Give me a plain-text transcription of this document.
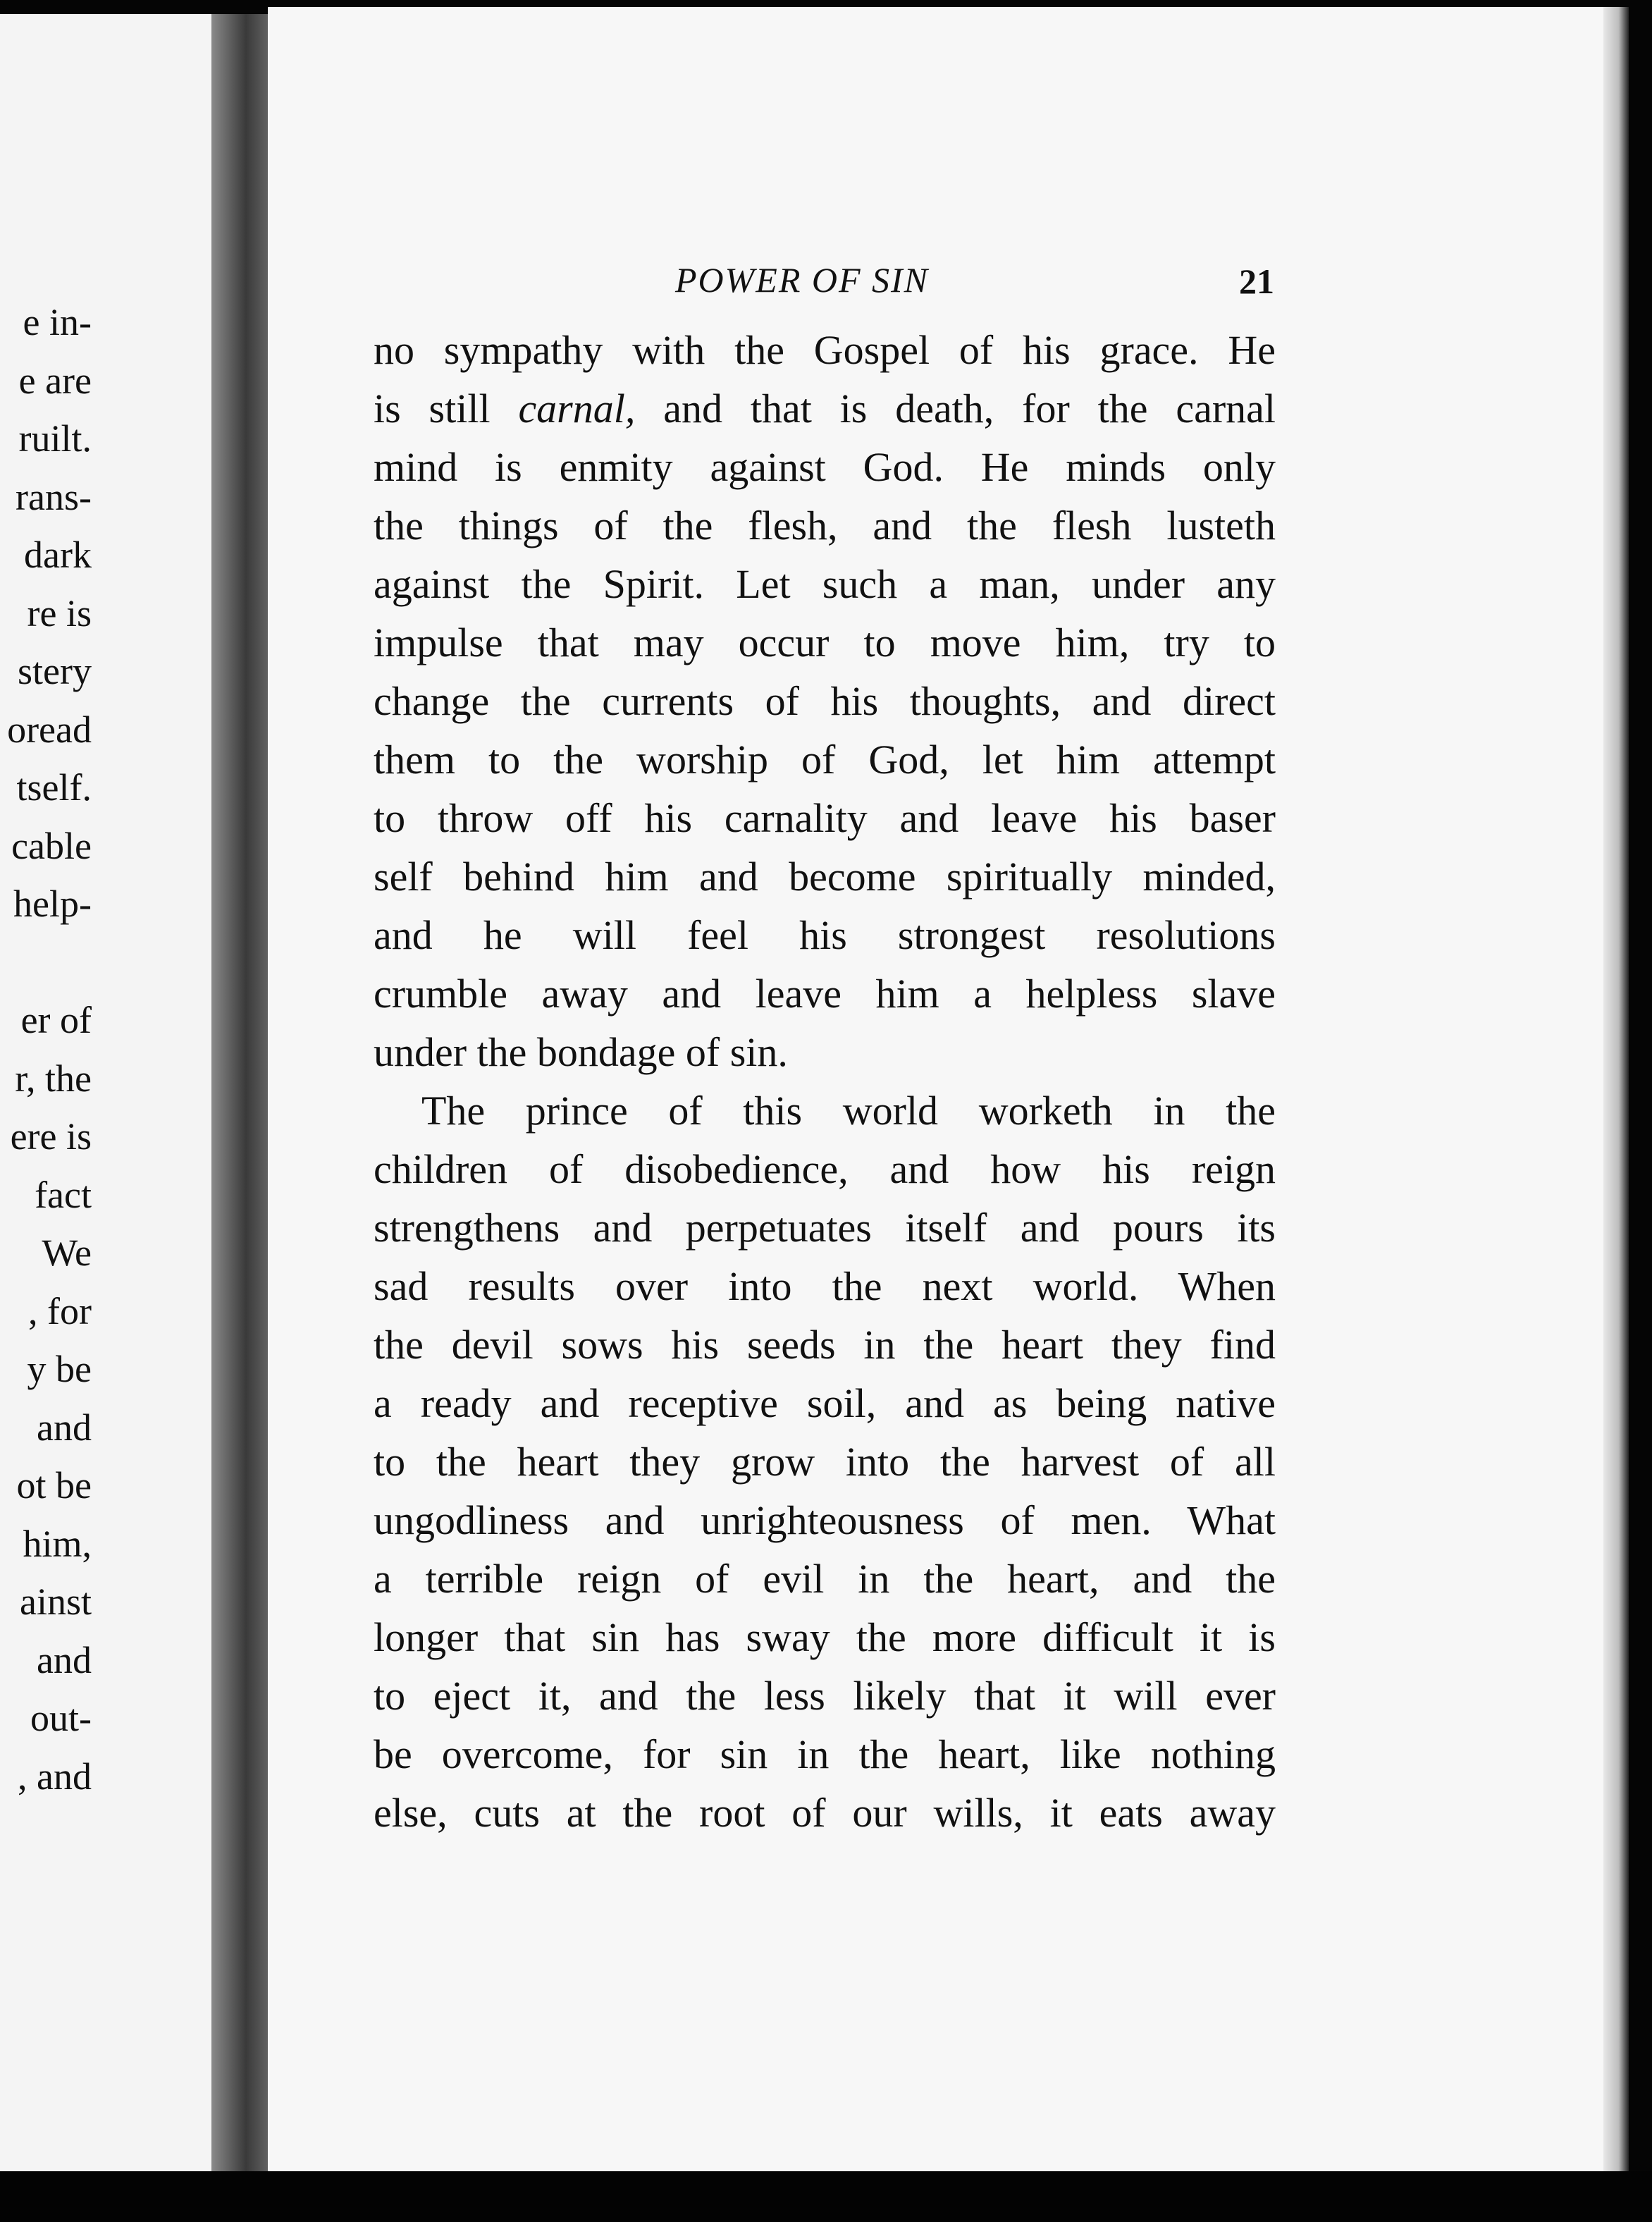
e in-
e are
ruilt.
rans-
dark
re is
stery
oread
tself.
cable
help-
er of
r, the
ere is
fact
We
, for
y be
and
ot be
him,
ainst
and
out-
, and
POWER OF SIN	21
no sympathy with the Gospel of his grace. He
is still carnal, and that is death, for the carnal
mind is enmity against God. He minds only
the things of the flesh, and the flesh lusteth
against the Spirit. Let such a man, under any
impulse that may occur to move him, try to
change the currents of his thoughts, and direct
them to the worship of God, let him attempt
to throw off his carnality and leave his baser
self behind him and become spiritually minded,
and he will feel his strongest resolutions
crumble away and leave him a helpless slave
under the bondage of sin.
The prince of this world worketh in the
children of disobedience, and how his reign
strengthens and perpetuates itself and pours its
sad results over into the next world. When
the devil sows his seeds in the heart they find
a ready and receptive soil, and as being native
to the heart they grow into the harvest of all
ungodliness and unrighteousness of men. What
a terrible reign of evil in the heart, and the
longer that sin has sway the more difficult it is
to eject it, and the less likely that it will ever
be overcome, for sin in the heart, like nothing
else, cuts at the root of our wills, it eats away
